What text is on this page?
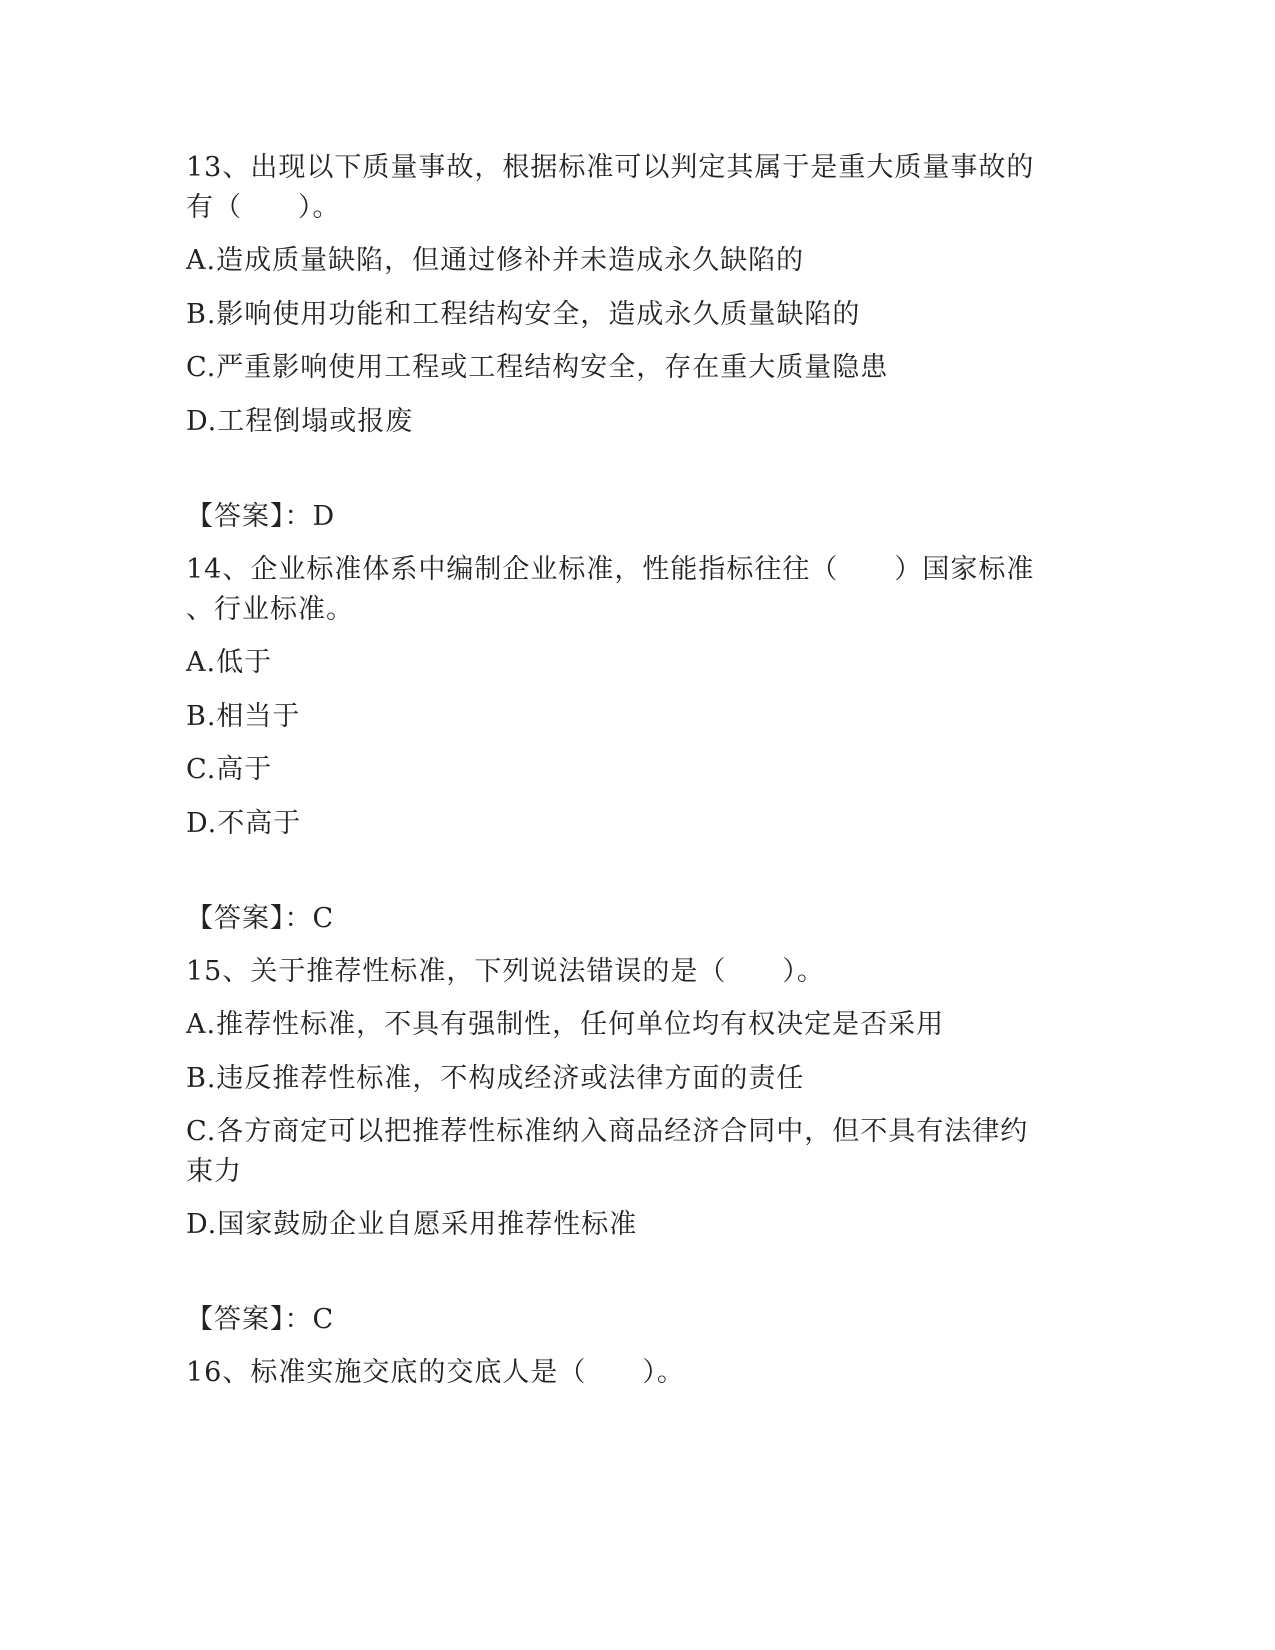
13、出现以下质量事故，根据标准可以判定其属于是重大质量事故的
有（　　）。
A.造成质量缺陷，但通过修补并未造成永久缺陷的
B.影响使用功能和工程结构安全，造成永久质量缺陷的
C.严重影响使用工程或工程结构安全，存在重大质量隐患
D.工程倒塌或报废
【答案】：D
14、企业标准体系中编制企业标准，性能指标往往（　　）国家标准
、行业标准。
A.低于
B.相当于
C.高于
D.不高于
【答案】：C
15、关于推荐性标准，下列说法错误的是（　　）。
A.推荐性标准，不具有强制性，任何单位均有权决定是否采用
B.违反推荐性标准，不构成经济或法律方面的责任
C.各方商定可以把推荐性标准纳入商品经济合同中，但不具有法律约
束力
D.国家鼓励企业自愿采用推荐性标准
【答案】：C
16、标准实施交底的交底人是（　　）。
